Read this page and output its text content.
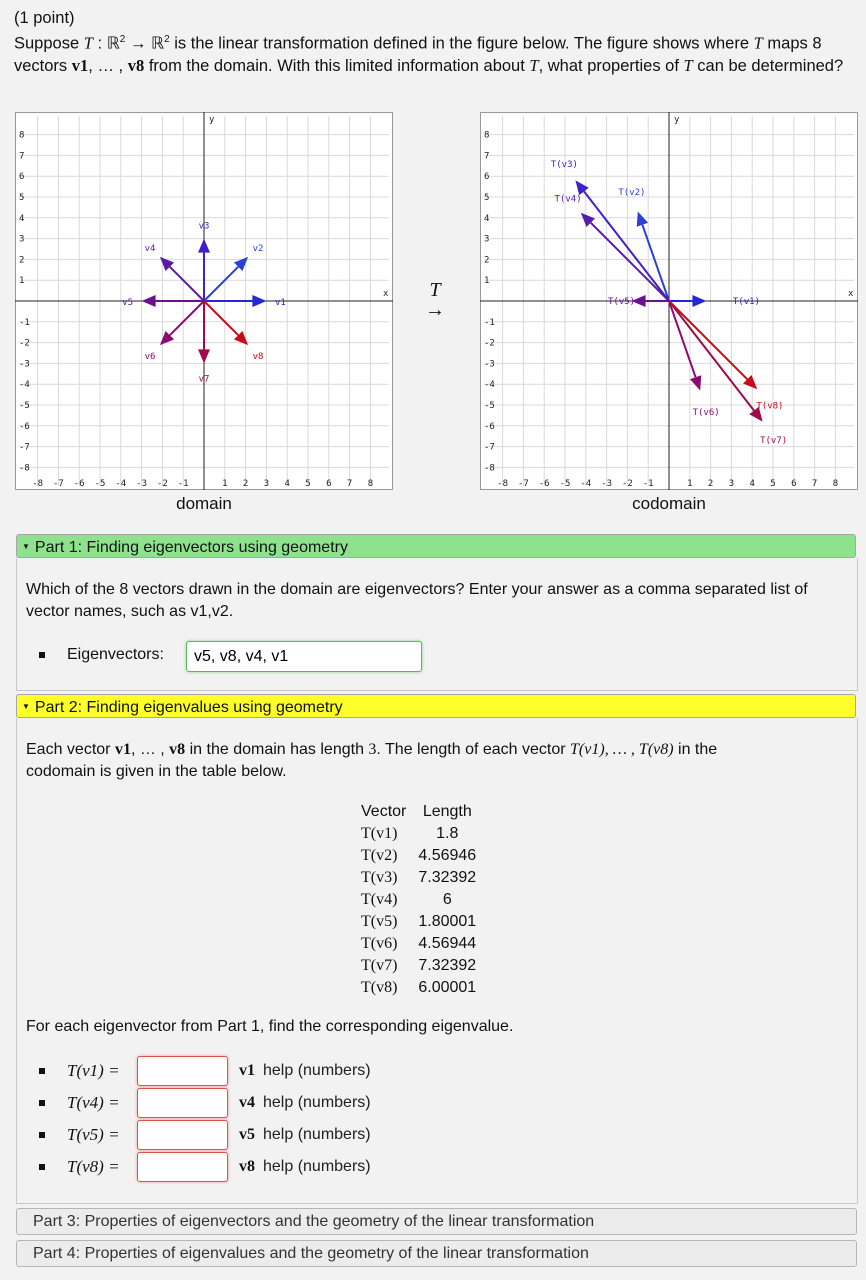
(1 point)
Suppose T : ℝ$^2$ → ℝ$^2$ is the linear transformation defined in the figure below. The figure shows where T maps 8 vectors v1, … , v8 from the domain. With this limited information about T, what properties of T can be determined?
-8
-8
-7
-7
-6
-6
-5
-5
-4
-4
-3
-3
-2
-2
-1
-1
1
1
2
2
3
3
4
4
5
5
6
6
7
7
8
8
x
y
v1
v2
v3
v4
v5
v6
v7
v8
-8
-8
-7
-7
-6
-6
-5
-5
-4
-4
-3
-3
-2
-2
-1
-1
1
1
2
2
3
3
4
4
5
5
6
6
7
7
8
8
x
y
T(v1)
T(v2)
T(v3)
T(v4)
T(v5)
T(v6)
T(v7)
T(v8)
domain	codomain
T
→
▼ Part 1: Finding eigenvectors using geometry
Which of the 8 vectors drawn in the domain are eigenvectors? Enter your answer as a comma separated list of vector names, such as v1,v2.
Eigenvectors:
v5, v8, v4, v1
▼ Part 2: Finding eigenvalues using geometry
Each vector v1, … , v8 in the domain has length 3. The length of each vector T(v1), … , T(v8) in the
codomain is given in the table below.
For each eigenvector from Part 1, find the corresponding eigenvalue.
T(v1) =	v1 help (numbers)
T(v4) =	v4 help (numbers)
T(v5) =	v5 help (numbers)
T(v8) =	v8 help (numbers)
Vector	Length
T(v1)	1.8
T(v2)	4.56946
T(v3)	7.32392
T(v4)	6
T(v5)	1.80001
T(v6)	4.56944
T(v7)	7.32392
T(v8)	6.00001
Part 3: Properties of eigenvectors and the geometry of the linear transformation
Part 4: Properties of eigenvalues and the geometry of the linear transformation
